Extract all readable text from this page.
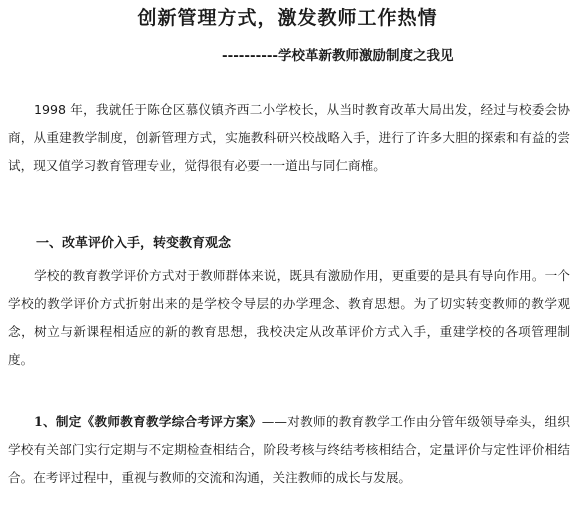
创新管理方式，激发教师工作热情
----------学校革新教师激励制度之我见

1998 年，我就任于陈仓区慕仪镇齐西二小学校长，从当时教育改革大局出发，经过与校委会协商，从重建教学制度，创新管理方式，实施教科研兴校战略入手，进行了许多大胆的探索和有益的尝试，现又值学习教育管理专业，觉得很有必要一一道出与同仁商榷。

一、改革评价入手，转变教育观念

学校的教育教学评价方式对于教师群体来说，既具有激励作用，更重要的是具有导向作用。一个学校的教学评价方式折射出来的是学校令导层的办学理念、教育思想。为了切实转变教师的教学观念，树立与新课程相适应的新的教育思想，我校决定从改革评价方式入手，重建学校的各项管理制度。

1、制定《教师教育教学综合考评方案》——对教师的教育教学工作由分管年级领导牵头，组织学校有关部门实行定期与不定期检查相结合，阶段考核与终结考核相结合，定量评价与定性评价相结合。在考评过程中，重视与教师的交流和沟通，关注教师的成长与发展。
